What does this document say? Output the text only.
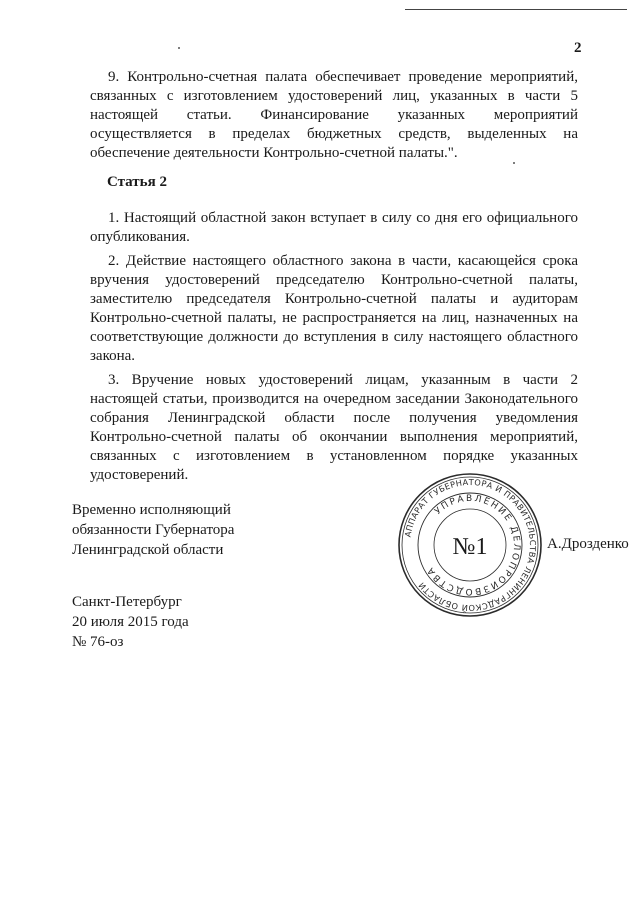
2

9. Контрольно-счетная палата обеспечивает проведение мероприятий, связанных с изготовлением удостоверений лиц, указанных в части 5 настоящей статьи. Финансирование указанных мероприятий осуществляется в пределах бюджетных средств, выделенных на обеспечение деятельности Контрольно-счетной палаты.".

Статья 2

1. Настоящий областной закон вступает в силу со дня его официального опубликования.

2. Действие настоящего областного закона в части, касающейся срока вручения удостоверений председателю Контрольно-счетной палаты, заместителю председателя Контрольно-счетной палаты и аудиторам Контрольно-счетной палаты, не распространяется на лиц, назначенных на соответствующие должности до вступления в силу настоящего областного закона.

3. Вручение новых удостоверений лицам, указанным в части 2 настоящей статьи, производится на очередном заседании Законодательного собрания Ленинградской области после получения уведомления Контрольно-счетной палаты об окончании выполнения мероприятий, связанных с изготовлением в установленном порядке указанных удостоверений.

Временно исполняющий
обязанности Губернатора
Ленинградской области
АППАРАТ ГУБЕРНАТОРА И ПРАВИТЕЛЬСТВА ЛЕНИНГРАДСКОЙ ОБЛАСТИ
УПРАВЛЕНИЕ ДЕЛОПРОИЗВОДСТВА
№1	А.Дрозденко
Санкт-Петербург
20 июля 2015 года
№ 76-оз
